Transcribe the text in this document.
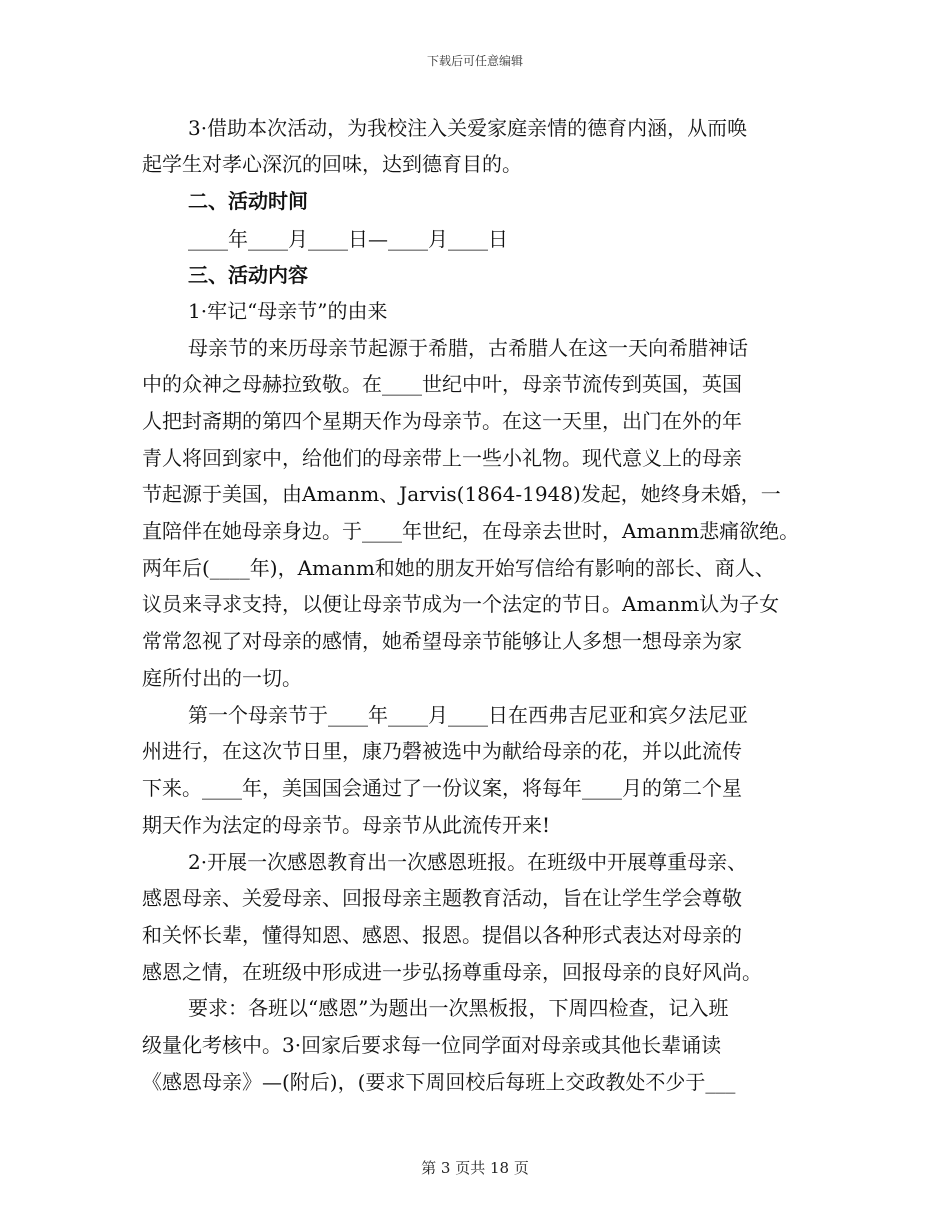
下载后可任意编辑
3·借助本次活动，为我校注入关爱家庭亲情的德育内涵，从而唤
起学生对孝心深沉的回味，达到德育目的。
二、活动时间
____年____月____日—____月____日
三、活动内容
1·牢记“母亲节”的由来
母亲节的来历母亲节起源于希腊，古希腊人在这一天向希腊神话
中的众神之母赫拉致敬。在____世纪中叶，母亲节流传到英国，英国
人把封斋期的第四个星期天作为母亲节。在这一天里，出门在外的年
青人将回到家中，给他们的母亲带上一些小礼物。现代意义上的母亲
节起源于美国，由Amanm、Jarvis(1864-1948)发起，她终身未婚，一
直陪伴在她母亲身边。于____年世纪，在母亲去世时，Amanm悲痛欲绝。
两年后(____年)，Amanm和她的朋友开始写信给有影响的部长、商人、
议员来寻求支持，以便让母亲节成为一个法定的节日。Amanm认为子女
常常忽视了对母亲的感情，她希望母亲节能够让人多想一想母亲为家
庭所付出的一切。
第一个母亲节于____年____月____日在西弗吉尼亚和宾夕法尼亚
州进行，在这次节日里，康乃磬被选中为献给母亲的花，并以此流传
下来。____年，美国国会通过了一份议案，将每年____月的第二个星
期天作为法定的母亲节。母亲节从此流传开来!
2·开展一次感恩教育出一次感恩班报。在班级中开展尊重母亲、
感恩母亲、关爱母亲、回报母亲主题教育活动，旨在让学生学会尊敬
和关怀长辈，懂得知恩、感恩、报恩。提倡以各种形式表达对母亲的
感恩之情，在班级中形成进一步弘扬尊重母亲，回报母亲的良好风尚。
要求：各班以“感恩”为题出一次黑板报，下周四检查，记入班
级量化考核中。3·回家后要求每一位同学面对母亲或其他长辈诵读
《感恩母亲》—(附后)，(要求下周回校后每班上交政教处不少于___
第 3 页共 18 页
